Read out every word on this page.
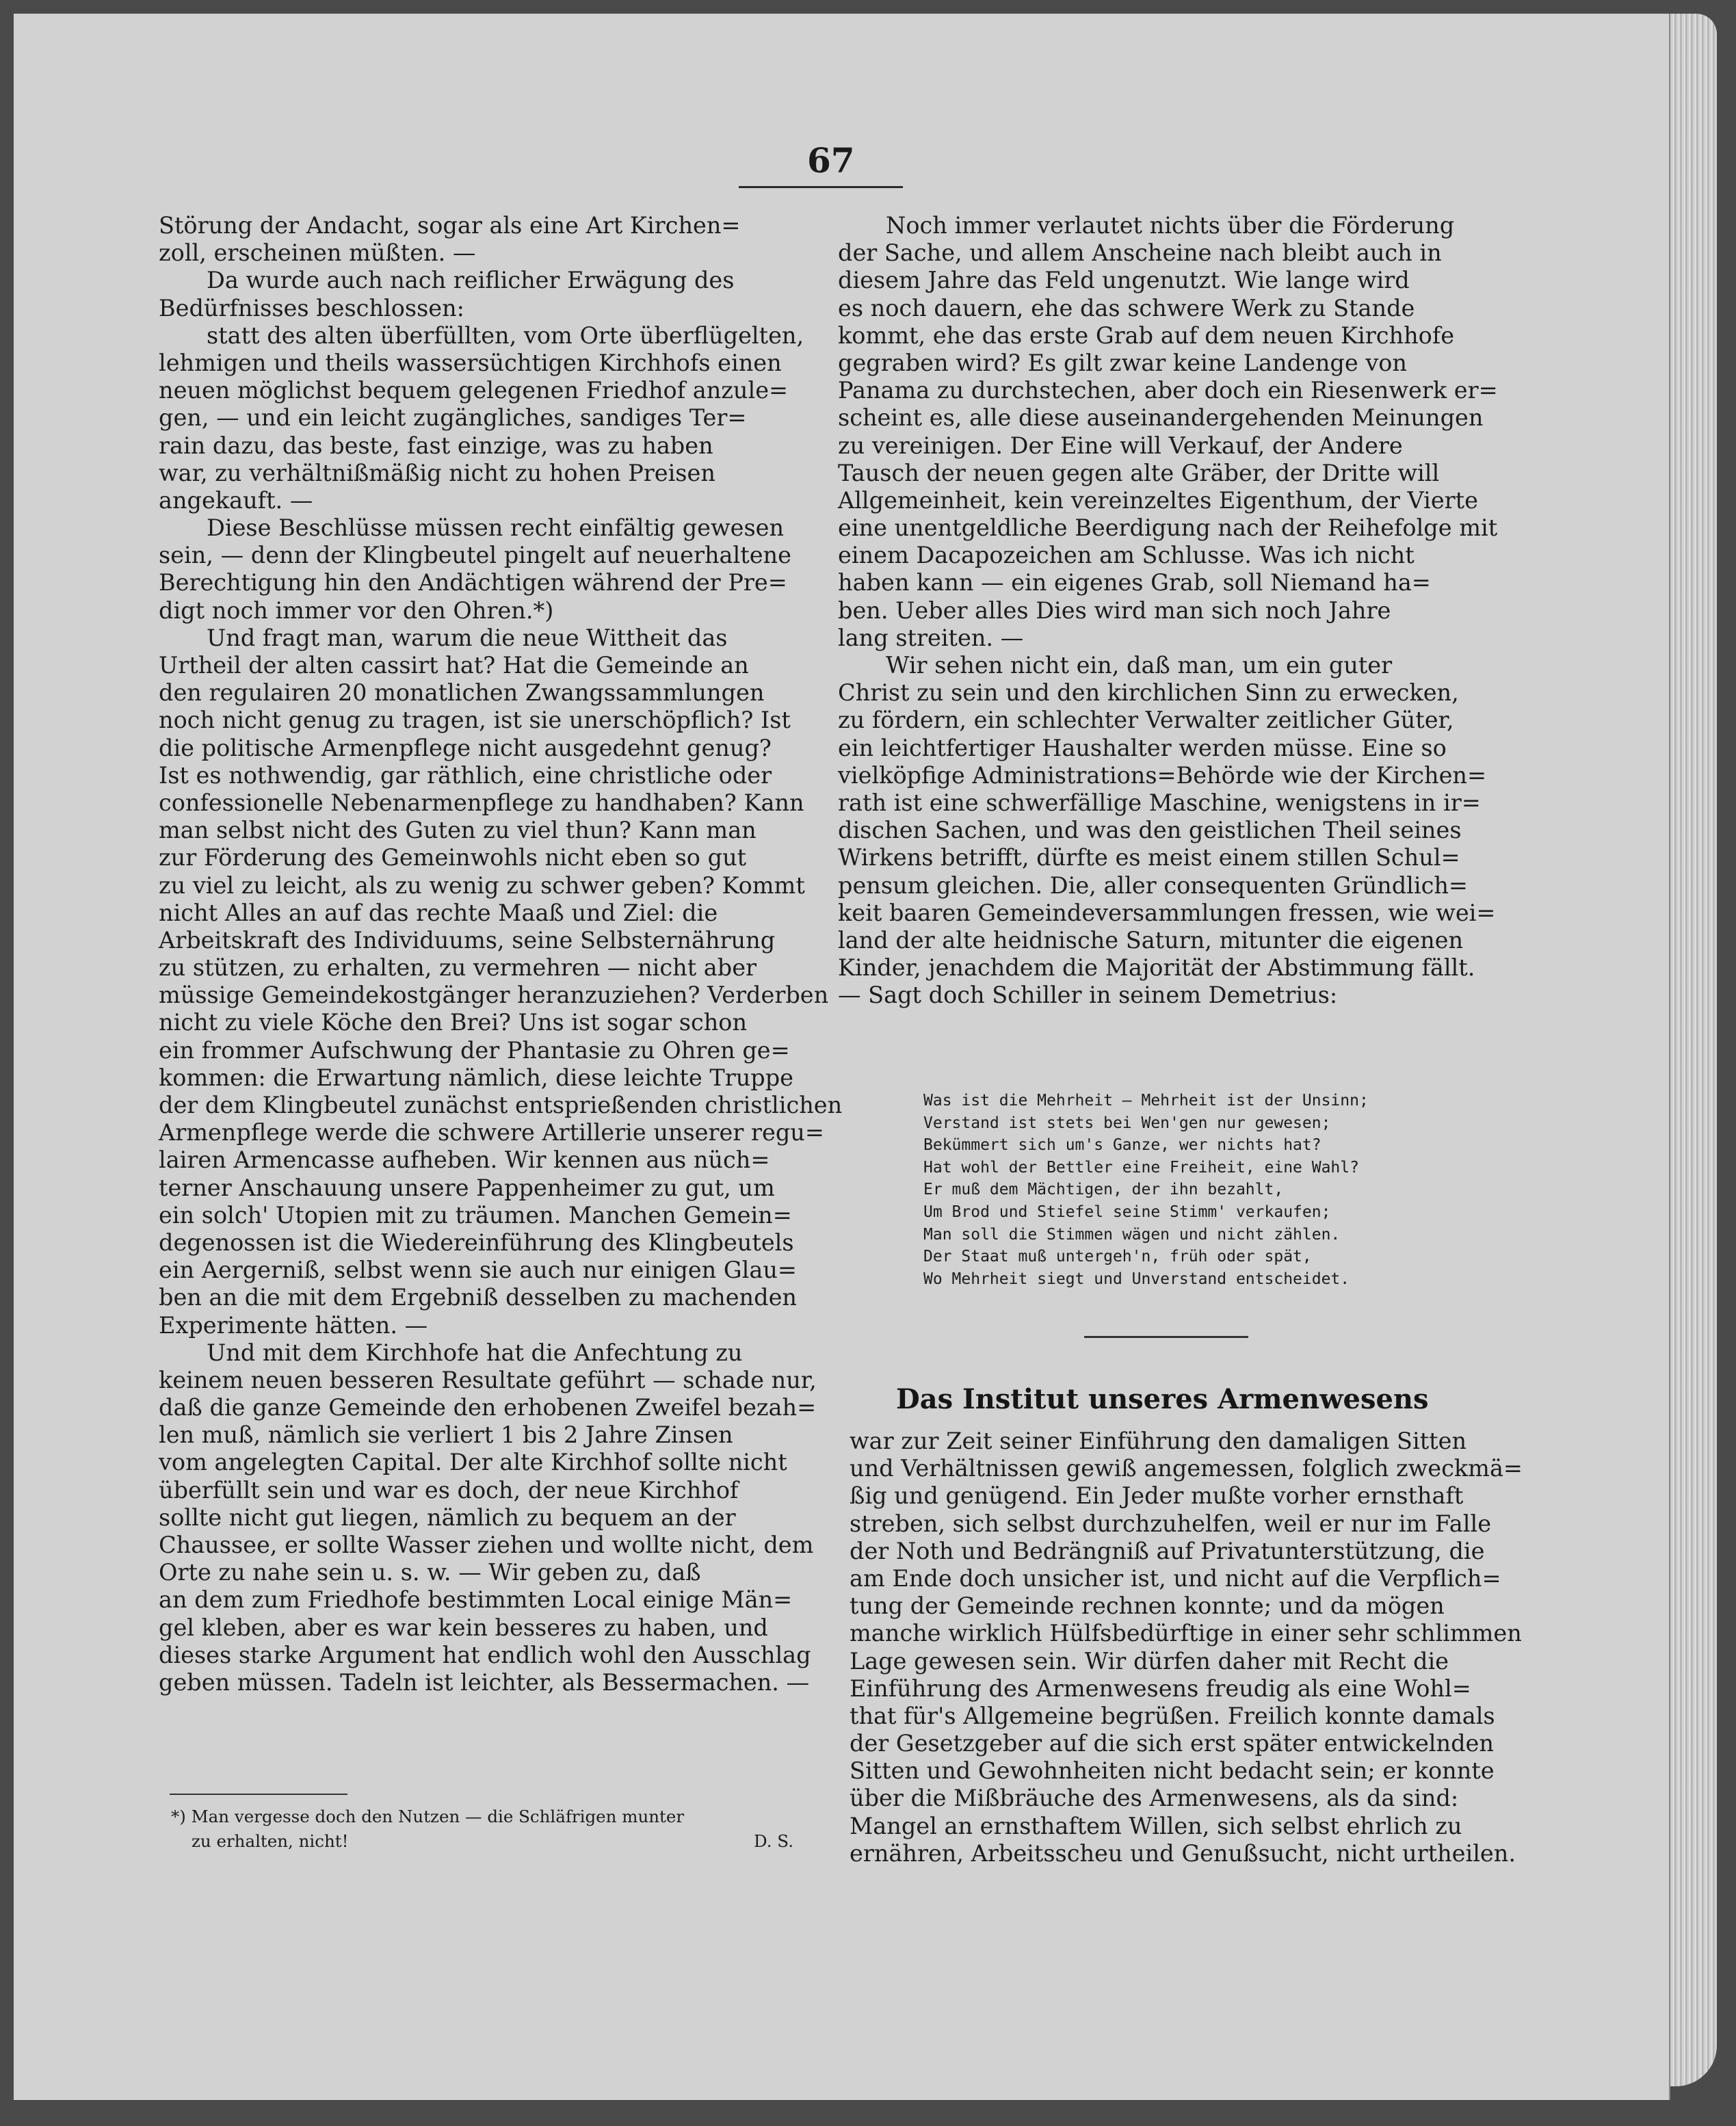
67
Störung der Andacht, sogar als eine Art Kirchen=
zoll, erscheinen müßten. —
Da wurde auch nach reiflicher Erwägung des
Bedürfnisses beschlossen:
statt des alten überfüllten, vom Orte überflügelten,
lehmigen und theils wassersüchtigen Kirchhofs einen
neuen möglichst bequem gelegenen Friedhof anzule=
gen, — und ein leicht zugängliches, sandiges Ter=
rain dazu, das beste, fast einzige, was zu haben
war, zu verhältnißmäßig nicht zu hohen Preisen
angekauft. —
Diese Beschlüsse müssen recht einfältig gewesen
sein, — denn der Klingbeutel pingelt auf neuerhaltene
Berechtigung hin den Andächtigen während der Pre=
digt noch immer vor den Ohren.*)
Und fragt man, warum die neue Wittheit das
Urtheil der alten cassirt hat? Hat die Gemeinde an
den regulairen 20 monatlichen Zwangssammlungen
noch nicht genug zu tragen, ist sie unerschöpflich? Ist
die politische Armenpflege nicht ausgedehnt genug?
Ist es nothwendig, gar räthlich, eine christliche oder
confessionelle Nebenarmenpflege zu handhaben? Kann
man selbst nicht des Guten zu viel thun? Kann man
zur Förderung des Gemeinwohls nicht eben so gut
zu viel zu leicht, als zu wenig zu schwer geben? Kommt
nicht Alles an auf das rechte Maaß und Ziel: die
Arbeitskraft des Individuums, seine Selbsternährung
zu stützen, zu erhalten, zu vermehren — nicht aber
müssige Gemeindekostgänger heranzuziehen? Verderben
nicht zu viele Köche den Brei? Uns ist sogar schon
ein frommer Aufschwung der Phantasie zu Ohren ge=
kommen: die Erwartung nämlich, diese leichte Truppe
der dem Klingbeutel zunächst entsprießenden christlichen
Armenpflege werde die schwere Artillerie unserer regu=
lairen Armencasse aufheben. Wir kennen aus nüch=
terner Anschauung unsere Pappenheimer zu gut, um
ein solch' Utopien mit zu träumen. Manchen Gemein=
degenossen ist die Wiedereinführung des Klingbeutels
ein Aergerniß, selbst wenn sie auch nur einigen Glau=
ben an die mit dem Ergebniß desselben zu machenden
Experimente hätten. —
Und mit dem Kirchhofe hat die Anfechtung zu
keinem neuen besseren Resultate geführt — schade nur,
daß die ganze Gemeinde den erhobenen Zweifel bezah=
len muß, nämlich sie verliert 1 bis 2 Jahre Zinsen
vom angelegten Capital. Der alte Kirchhof sollte nicht
überfüllt sein und war es doch, der neue Kirchhof
sollte nicht gut liegen, nämlich zu bequem an der
Chaussee, er sollte Wasser ziehen und wollte nicht, dem
Orte zu nahe sein u. s. w. — Wir geben zu, daß
an dem zum Friedhofe bestimmten Local einige Män=
gel kleben, aber es war kein besseres zu haben, und
dieses starke Argument hat endlich wohl den Ausschlag
geben müssen. Tadeln ist leichter, als Bessermachen. —
*) Man vergesse doch den Nutzen — die Schläfrigen munter
zu erhalten, nicht!	D. S.
Noch immer verlautet nichts über die Förderung
der Sache, und allem Anscheine nach bleibt auch in
diesem Jahre das Feld ungenutzt. Wie lange wird
es noch dauern, ehe das schwere Werk zu Stande
kommt, ehe das erste Grab auf dem neuen Kirchhofe
gegraben wird? Es gilt zwar keine Landenge von
Panama zu durchstechen, aber doch ein Riesenwerk er=
scheint es, alle diese auseinandergehenden Meinungen
zu vereinigen. Der Eine will Verkauf, der Andere
Tausch der neuen gegen alte Gräber, der Dritte will
Allgemeinheit, kein vereinzeltes Eigenthum, der Vierte
eine unentgeldliche Beerdigung nach der Reihefolge mit
einem Dacapozeichen am Schlusse. Was ich nicht
haben kann — ein eigenes Grab, soll Niemand ha=
ben. Ueber alles Dies wird man sich noch Jahre
lang streiten. —
Wir sehen nicht ein, daß man, um ein guter
Christ zu sein und den kirchlichen Sinn zu erwecken,
zu fördern, ein schlechter Verwalter zeitlicher Güter,
ein leichtfertiger Haushalter werden müsse. Eine so
vielköpfige Administrations=Behörde wie der Kirchen=
rath ist eine schwerfällige Maschine, wenigstens in ir=
dischen Sachen, und was den geistlichen Theil seines
Wirkens betrifft, dürfte es meist einem stillen Schul=
pensum gleichen. Die, aller consequenten Gründlich=
keit baaren Gemeindeversammlungen fressen, wie wei=
land der alte heidnische Saturn, mitunter die eigenen
Kinder, jenachdem die Majorität der Abstimmung fällt.
— Sagt doch Schiller in seinem Demetrius:
Was ist die Mehrheit — Mehrheit ist der Unsinn;
Verstand ist stets bei Wen'gen nur gewesen;
Bekümmert sich um's Ganze, wer nichts hat?
Hat wohl der Bettler eine Freiheit, eine Wahl?
Er muß dem Mächtigen, der ihn bezahlt,
Um Brod und Stiefel seine Stimm' verkaufen;
Man soll die Stimmen wägen und nicht zählen.
Der Staat muß untergeh'n, früh oder spät,
Wo Mehrheit siegt und Unverstand entscheidet.
Das Institut unseres Armenwesens
war zur Zeit seiner Einführung den damaligen Sitten
und Verhältnissen gewiß angemessen, folglich zweckmä=
ßig und genügend. Ein Jeder mußte vorher ernsthaft
streben, sich selbst durchzuhelfen, weil er nur im Falle
der Noth und Bedrängniß auf Privatunterstützung, die
am Ende doch unsicher ist, und nicht auf die Verpflich=
tung der Gemeinde rechnen konnte; und da mögen
manche wirklich Hülfsbedürftige in einer sehr schlimmen
Lage gewesen sein. Wir dürfen daher mit Recht die
Einführung des Armenwesens freudig als eine Wohl=
that für's Allgemeine begrüßen. Freilich konnte damals
der Gesetzgeber auf die sich erst später entwickelnden
Sitten und Gewohnheiten nicht bedacht sein; er konnte
über die Mißbräuche des Armenwesens, als da sind:
Mangel an ernsthaftem Willen, sich selbst ehrlich zu
ernähren, Arbeitsscheu und Genußsucht, nicht urtheilen.
